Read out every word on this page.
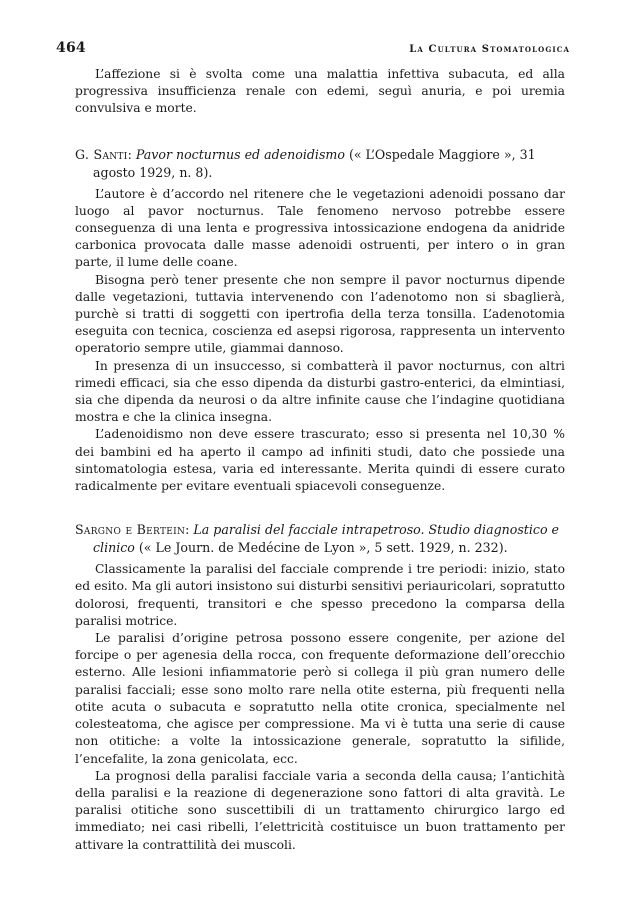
464	La Cultura Stomatologica

L’affezione si è svolta come una malattia infettiva subacuta, ed alla progressiva insufficienza renale con edemi, seguì anuria, e poi uremia convulsiva e morte.

G. Santi: Pavor nocturnus ed adenoidismo (« L’Ospedale Maggiore », 31 agosto 1929, n. 8).

L’autore è d’accordo nel ritenere che le vegetazioni adenoidi possano dar luogo al pavor nocturnus. Tale fenomeno nervoso potrebbe essere conseguenza di una lenta e progressiva intossicazione endogena da anidride carbonica provocata dalle masse adenoidi ostruenti, per intero o in gran parte, il lume delle coane.

Bisogna però tener presente che non sempre il pavor nocturnus dipende dalle vegetazioni, tuttavia intervenendo con l’adenotomo non si sbaglierà, purchè si tratti di soggetti con ipertrofia della terza tonsilla. L’adenotomia eseguita con tecnica, coscienza ed asepsi rigorosa, rappresenta un intervento operatorio sempre utile, giammai dannoso.

In presenza di un insuccesso, si combatterà il pavor nocturnus, con altri rimedi efficaci, sia che esso dipenda da disturbi gastro-enterici, da elmintiasi, sia che dipenda da neurosi o da altre infinite cause che l’indagine quotidiana mostra e che la clinica insegna.

L’adenoidismo non deve essere trascurato; esso si presenta nel 10,30 % dei bambini ed ha aperto il campo ad infiniti studi, dato che possiede una sintomatologia estesa, varia ed interessante. Merita quindi di essere curato radicalmente per evitare eventuali spiacevoli conseguenze.

Sargno e Bertein: La paralisi del facciale intrapetroso. Studio diagnostico e clinico (« Le Journ. de Medécine de Lyon », 5 sett. 1929, n. 232).

Classicamente la paralisi del facciale comprende i tre periodi: inizio, stato ed esito. Ma gli autori insistono sui disturbi sensitivi periauricolari, sopratutto dolorosi, frequenti, transitori e che spesso precedono la comparsa della paralisi motrice.

Le paralisi d’origine petrosa possono essere congenite, per azione del forcipe o per agenesia della rocca, con frequente deformazione dell’orecchio esterno. Alle lesioni infiammatorie però si collega il più gran numero delle paralisi facciali; esse sono molto rare nella otite esterna, più frequenti nella otite acuta o subacuta e sopratutto nella otite cronica, specialmente nel colesteatoma, che agisce per compressione. Ma vi è tutta una serie di cause non otitiche: a volte la intossicazione generale, sopratutto la sifilide, l’encefalite, la zona genicolata, ecc.

La prognosi della paralisi facciale varia a seconda della causa; l’antichità della paralisi e la reazione di degenerazione sono fattori di alta gravità. Le paralisi otitiche sono suscettibili di un trattamento chirurgico largo ed immediato; nei casi ribelli, l’elettricità costituisce un buon trattamento per attivare la contrattilità dei muscoli.
